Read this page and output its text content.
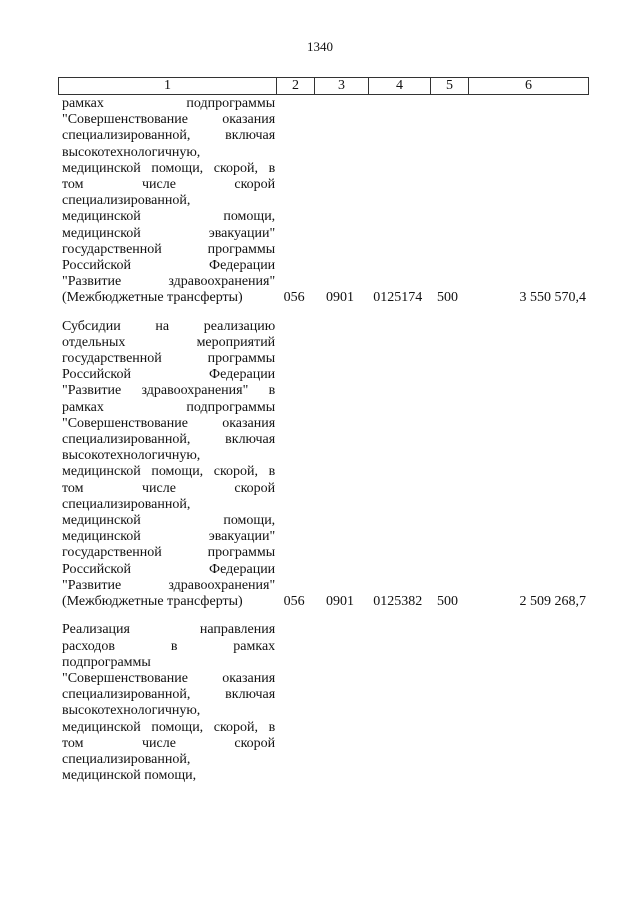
1340
1	2	3	4	5	6
рамках подпрограммы
"Совершенствование оказания
специализированной, включая
высокотехнологичную,
медицинской помощи, скорой, в
том числе скорой
специализированной,
медицинской помощи,
медицинской эвакуации"
государственной программы
Российской Федерации
"Развитие здравоохранения"
(Межбюджетные трансферты)	056	0901	0125174	500	3 550 570,4
Субсидии на реализацию
отдельных мероприятий
государственной программы
Российской Федерации
"Развитие здравоохранения" в
рамках подпрограммы
"Совершенствование оказания
специализированной, включая
высокотехнологичную,
медицинской помощи, скорой, в
том числе скорой
специализированной,
медицинской помощи,
медицинской эвакуации"
государственной программы
Российской Федерации
"Развитие здравоохранения"
(Межбюджетные трансферты)	056	0901	0125382	500	2 509 268,7
Реализация направления
расходов в рамках
подпрограммы
"Совершенствование оказания
специализированной, включая
высокотехнологичную,
медицинской помощи, скорой, в
том числе скорой
специализированной,
медицинской помощи,
